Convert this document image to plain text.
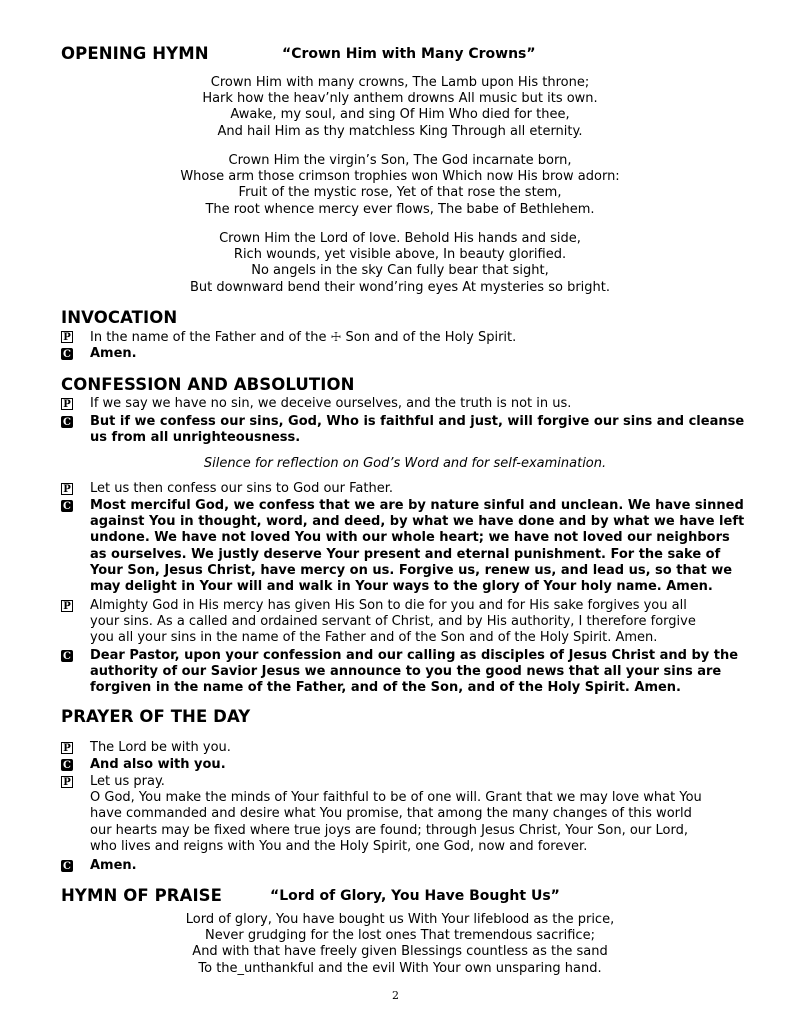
OPENING HYMN	“Crown Him with Many Crowns”
Crown Him with many crowns, The Lamb upon His throne;
Hark how the heav’nly anthem drowns All music but its own.
Awake, my soul, and sing Of Him Who died for thee,
And hail Him as thy matchless King Through all eternity.
Crown Him the virgin’s Son, The God incarnate born,
Whose arm those crimson trophies won Which now His brow adorn:
Fruit of the mystic rose, Yet of that rose the stem,
The root whence mercy ever flows, The babe of Bethlehem.
Crown Him the Lord of love. Behold His hands and side,
Rich wounds, yet visible above, In beauty glorified.
No angels in the sky Can fully bear that sight,
But downward bend their wond’ring eyes At mysteries so bright.
INVOCATION
P In the name of the Father and of the ☩ Son and of the Holy Spirit.
C Amen.
CONFESSION AND ABSOLUTION
P If we say we have no sin, we deceive ourselves, and the truth is not in us.
C But if we confess our sins, God, Who is faithful and just, will forgive our sins and cleanse
us from all unrighteousness.
Silence for reflection on God’s Word and for self-examination.
P Let us then confess our sins to God our Father.
C Most merciful God, we confess that we are by nature sinful and unclean. We have sinned
against You in thought, word, and deed, by what we have done and by what we have left
undone. We have not loved You with our whole heart; we have not loved our neighbors
as ourselves. We justly deserve Your present and eternal punishment. For the sake of
Your Son, Jesus Christ, have mercy on us. Forgive us, renew us, and lead us, so that we
may delight in Your will and walk in Your ways to the glory of Your holy name. Amen.
P Almighty God in His mercy has given His Son to die for you and for His sake forgives you all
your sins. As a called and ordained servant of Christ, and by His authority, I therefore forgive
you all your sins in the name of the Father and of the Son and of the Holy Spirit. Amen.
C Dear Pastor, upon your confession and our calling as disciples of Jesus Christ and by the
authority of our Savior Jesus we announce to you the good news that all your sins are
forgiven in the name of the Father, and of the Son, and of the Holy Spirit. Amen.
PRAYER OF THE DAY
P The Lord be with you.
C And also with you.
P Let us pray.
O God, You make the minds of Your faithful to be of one will. Grant that we may love what You
have commanded and desire what You promise, that among the many changes of this world
our hearts may be fixed where true joys are found; through Jesus Christ, Your Son, our Lord,
who lives and reigns with You and the Holy Spirit, one God, now and forever.
C Amen.
HYMN OF PRAISE	“Lord of Glory, You Have Bought Us”
Lord of glory, You have bought us With Your lifeblood as the price,
Never grudging for the lost ones That tremendous sacrifice;
And with that have freely given Blessings countless as the sand
To the_unthankful and the evil With Your own unsparing hand.
2
